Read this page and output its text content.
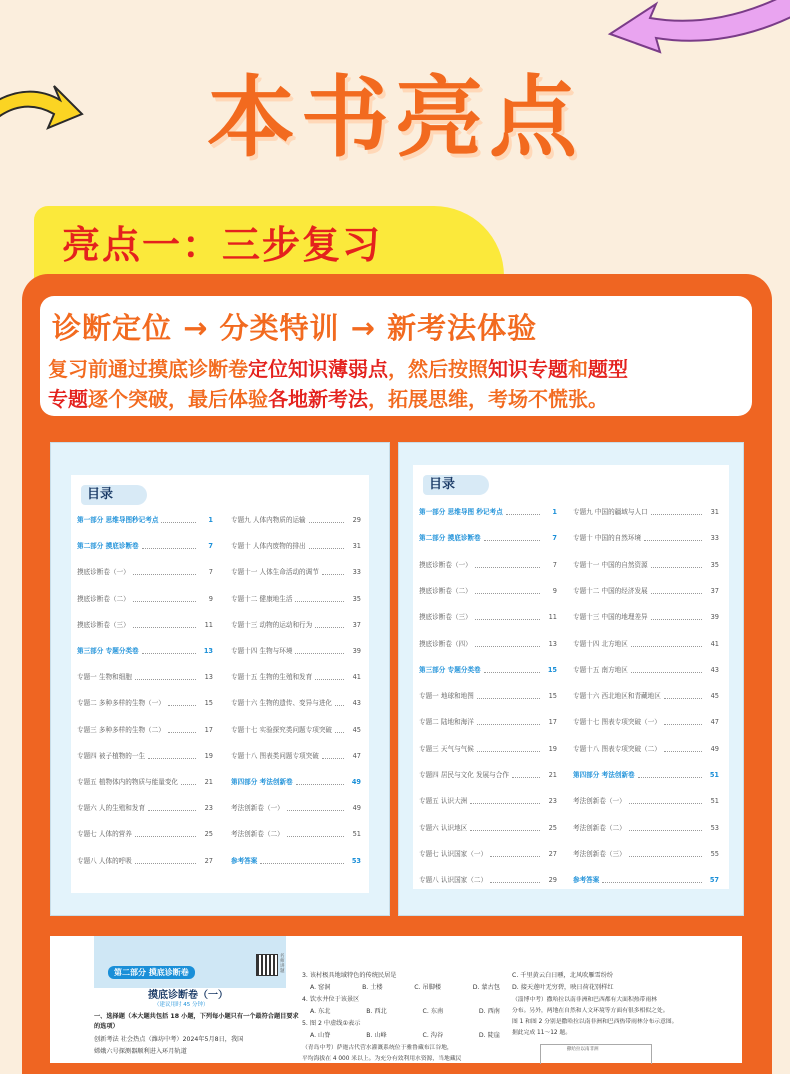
本书亮点
亮点一：三步复习
诊断定位 → 分类特训 → 新考法体验
复习前通过摸底诊断卷定位知识薄弱点，然后按照知识专题和题型
专题逐个突破，最后体验各地新考法，拓展思维，考场不慌张。
目录
第一部分 思维导图秒记考点	1
第二部分 摸底诊断卷	7
摸底诊断卷（一）	7
摸底诊断卷（二）	9
摸底诊断卷（三）	11
第三部分 专题分类卷	13
专题一 生物和细胞	13
专题二 多种多样的生物（一）	15
专题三 多种多样的生物（二）	17
专题四 被子植物的一生	19
专题五 植物体内的物质与能量变化	21
专题六 人的生殖和发育	23
专题七 人体的营养	25
专题八 人体的呼吸	27
专题九 人体内物质的运输	29
专题十 人体内废物的排出	31
专题十一 人体生命活动的调节	33
专题十二 健康地生活	35
专题十三 动物的运动和行为	37
专题十四 生物与环境	39
专题十五 生物的生殖和发育	41
专题十六 生物的遗传、变异与进化	43
专题十七 实验探究类问题专项突破	45
专题十八 图表类问题专项突破	47
第四部分 考法创新卷	49
考法创新卷（一）	49
考法创新卷（二）	51
参考答案	53
目录
第一部分 思维导图 秒记考点	1
第二部分 摸底诊断卷	7
摸底诊断卷（一）	7
摸底诊断卷（二）	9
摸底诊断卷（三）	11
摸底诊断卷（四）	13
第三部分 专题分类卷	15
专题一 地球和地图	15
专题二 陆地和海洋	17
专题三 天气与气候	19
专题四 居民与文化 发展与合作	21
专题五 认识大洲	23
专题六 认识地区	25
专题七 认识国家（一）	27
专题八 认识国家（二）	29
专题九 中国的疆域与人口	31
专题十 中国的自然环境	33
专题十一 中国的自然资源	35
专题十二 中国的经济发展	37
专题十三 中国的地理差异	39
专题十四 北方地区	41
专题十五 南方地区	43
专题十六 西北地区和青藏地区	45
专题十七 图表专项突破（一）	47
专题十八 图表专项突破（二）	49
第四部分 考法创新卷	51
考法创新卷（一）	51
考法创新卷（二）	53
考法创新卷（三）	55
参考答案	57
第二部分 摸底诊断卷
摸底诊断卷（一）
（建议用时 45 分钟）
名师讲题
一、选择题（本大题共包括 18 小题，下列每小题只有一个最符合题目要求的选项）
创新考法 社会热点（潍坊中考）2024年5月8日，我国
嫦娥六号探测器顺利进入环月轨道
3. 该村极具地域特色的传统民居是
A. 窑洞	B. 土楼	C. 吊脚楼	D. 蒙古包
4. 饮水井位于该景区
A. 东北	B. 西北	C. 东南	D. 西南
5. 图 2 中虚线①表示
A. 山脊	B. 山峰	C. 沟谷	D. 陡崖
（青岛中考）萨迦古代营水灌溉系统位于雅鲁藏布江谷地，
平均海拔在 4 000 米以上。为充分有效利用水资源，当地藏民
C. 千里黄云白日曛，北风吹雁雪纷纷
D. 接天莲叶无穷碧，映日荷花别样红
（淄博中考）撒哈拉以南非洲和巴西都有大面积热带雨林
分布。另外，两地在自然和人文环境等方面有很多相似之处。
图 1 和图 2 分别是撒哈拉以南非洲和巴西热带雨林分布示意图。
据此完成 11～12 题。
撒哈拉以南非洲
